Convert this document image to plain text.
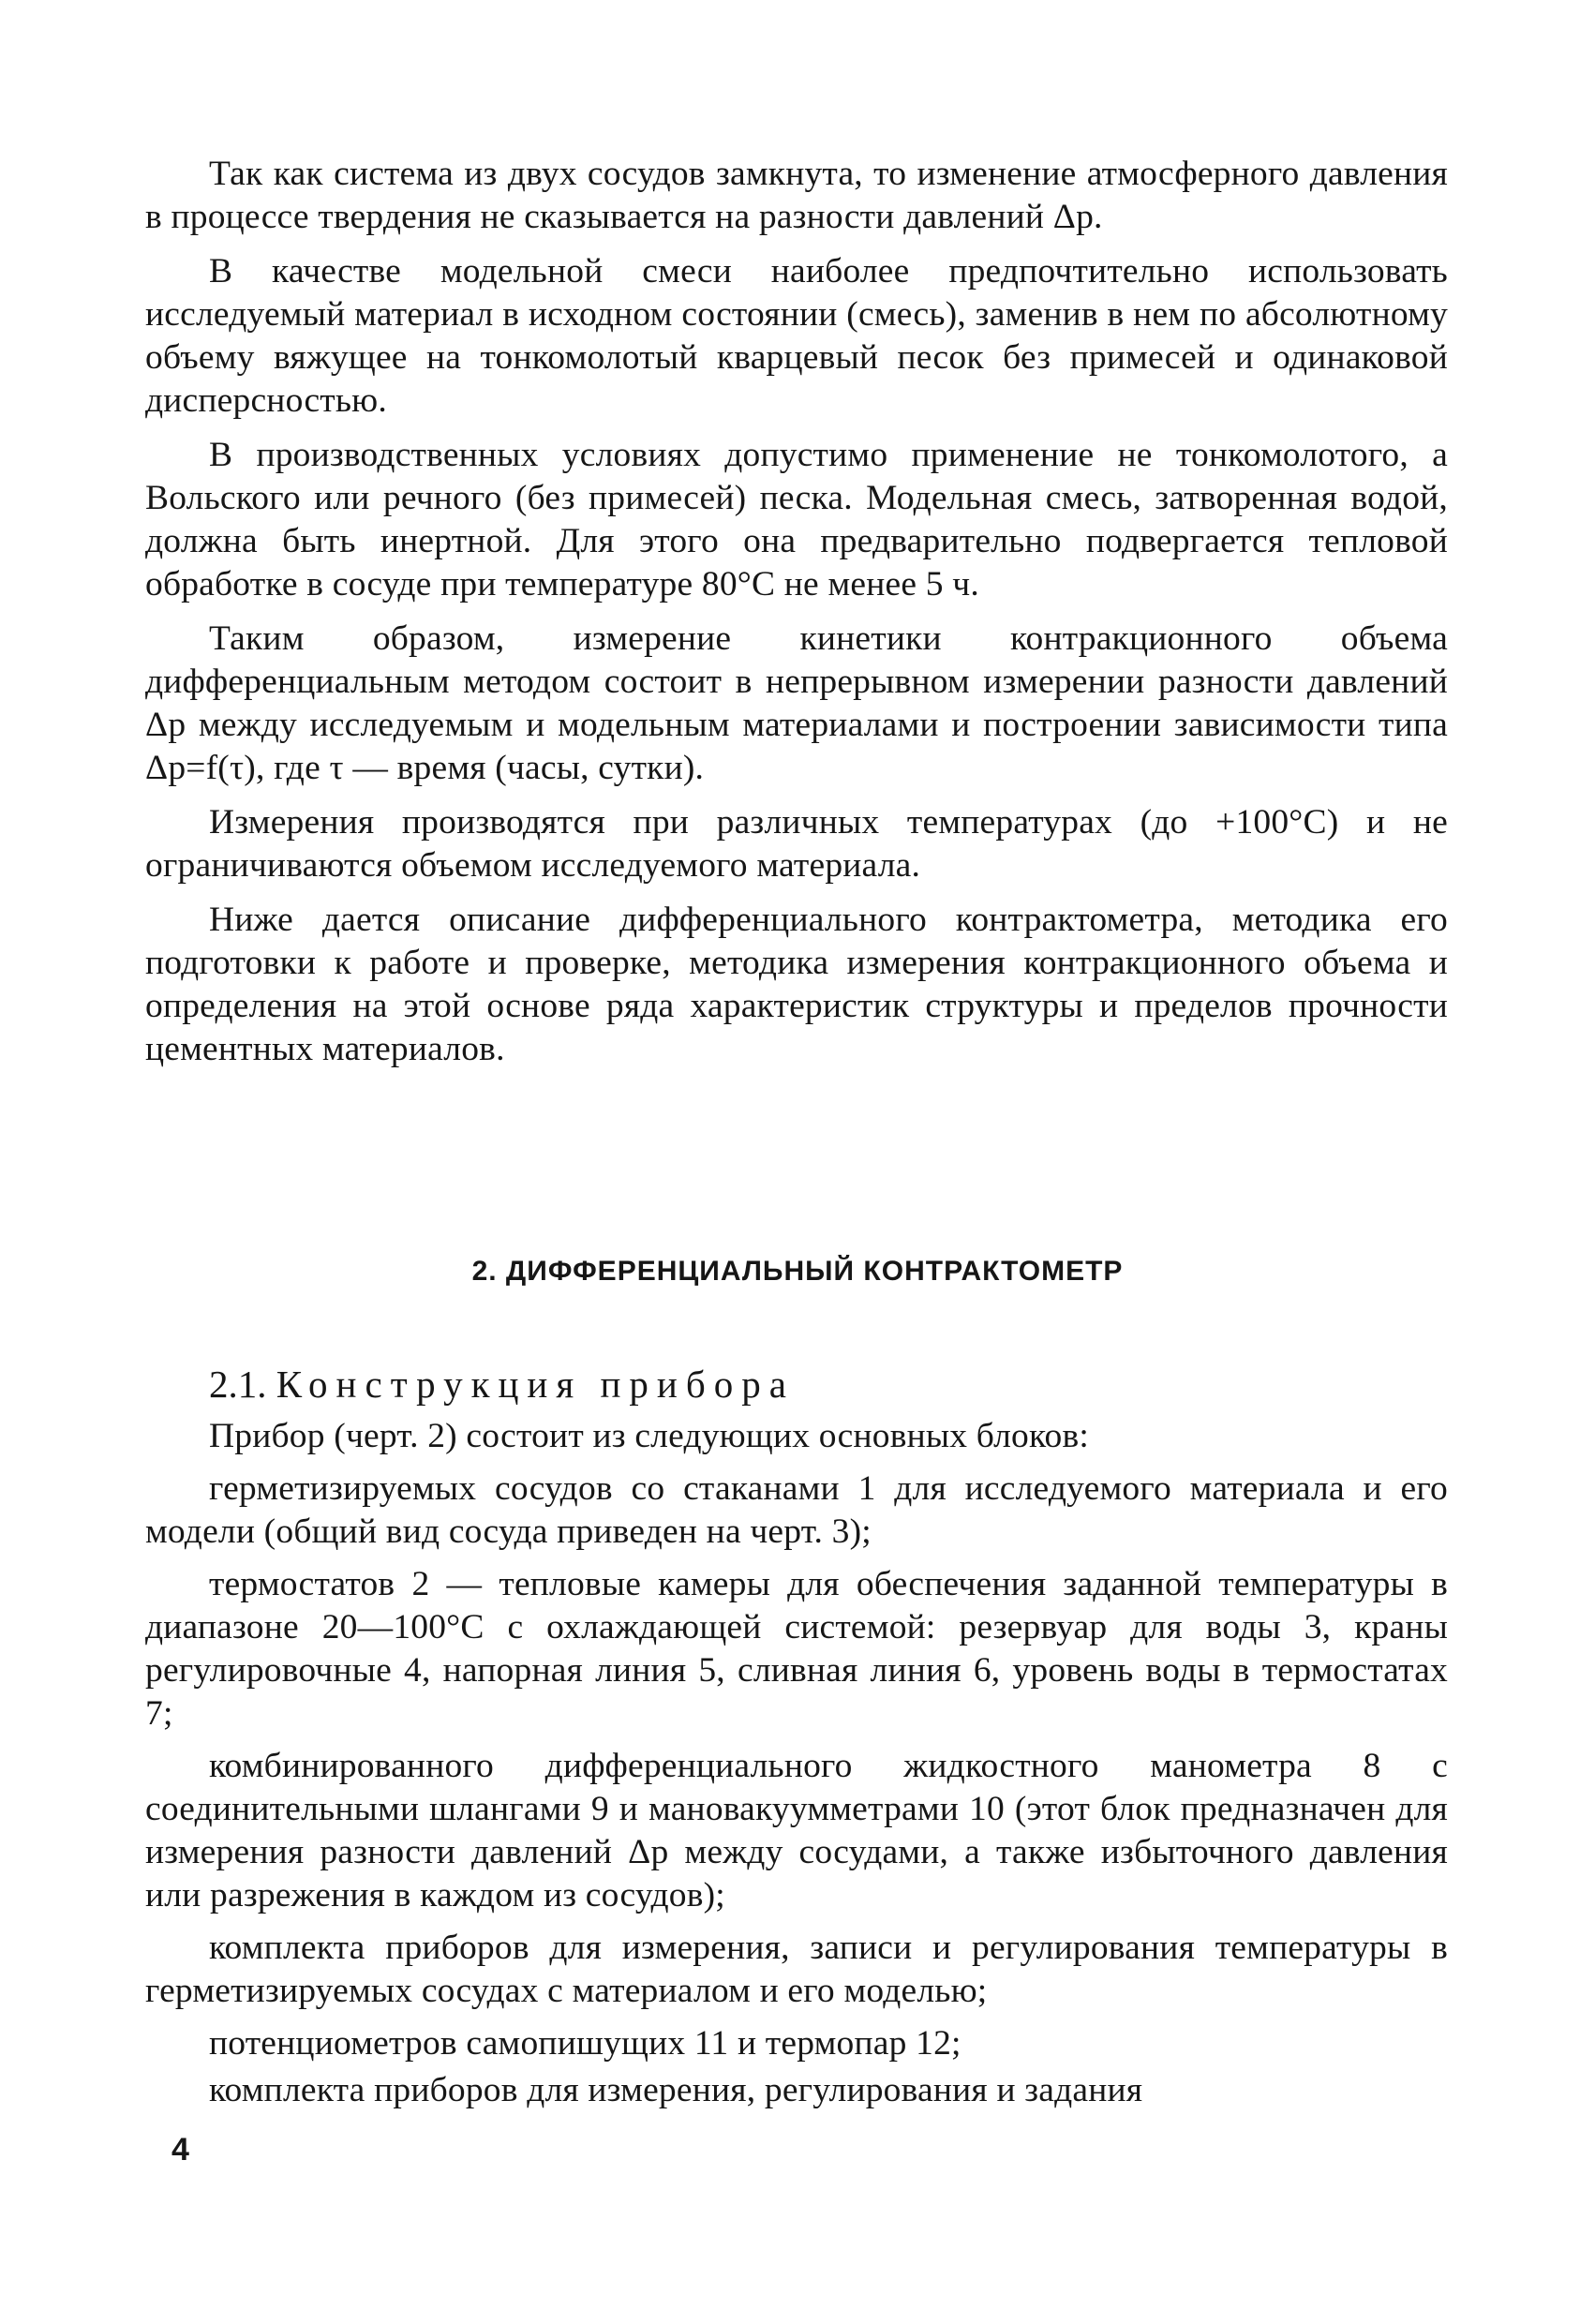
Так как система из двух сосудов замкнута, то изменение атмосферного давления в процессе твердения не сказывается на разности давлений Δp.

В качестве модельной смеси наиболее предпочтительно использовать исследуемый материал в исходном состоянии (смесь), заменив в нем по абсолютному объему вяжущее на тонкомолотый кварцевый песок без примесей и одинаковой дисперсностью.

В производственных условиях допустимо применение не тонкомолотого, а Вольского или речного (без примесей) песка. Модельная смесь, затворенная водой, должна быть инертной. Для этого она предварительно подвергается тепловой обработке в сосуде при температуре 80°C не менее 5 ч.

Таким образом, измерение кинетики контракционного объема дифференциальным методом состоит в непрерывном измерении разности давлений Δp между исследуемым и модельным материалами и построении зависимости типа Δp=f(τ), где τ — время (часы, сутки).

Измерения производятся при различных температурах (до +100°C) и не ограничиваются объемом исследуемого материала.

Ниже дается описание дифференциального контрактометра, методика его подготовки к работе и проверке, методика измерения контракционного объема и определения на этой основе ряда характеристик структуры и пределов прочности цементных материалов.

2. ДИФФЕРЕНЦИАЛЬНЫЙ КОНТРАКТОМЕТР
2.1. Конструкция прибора

Прибор (черт. 2) состоит из следующих основных блоков:

герметизируемых сосудов со стаканами 1 для исследуемого материала и его модели (общий вид сосуда приведен на черт. 3);

термостатов 2 — тепловые камеры для обеспечения заданной температуры в диапазоне 20—100°C с охлаждающей системой: резервуар для воды 3, краны регулировочные 4, напорная линия 5, сливная линия 6, уровень воды в термостатах 7;

комбинированного дифференциального жидкостного манометра 8 с соединительными шлангами 9 и мановакуумметрами 10 (этот блок предназначен для измерения разности давлений Δp между сосудами, а также избыточного давления или разрежения в каждом из сосудов);

комплекта приборов для измерения, записи и регулирования температуры в герметизируемых сосудах с материалом и его моделью;

потенциометров самопишущих 11 и термопар 12;

комплекта приборов для измерения, регулирования и задания

4
